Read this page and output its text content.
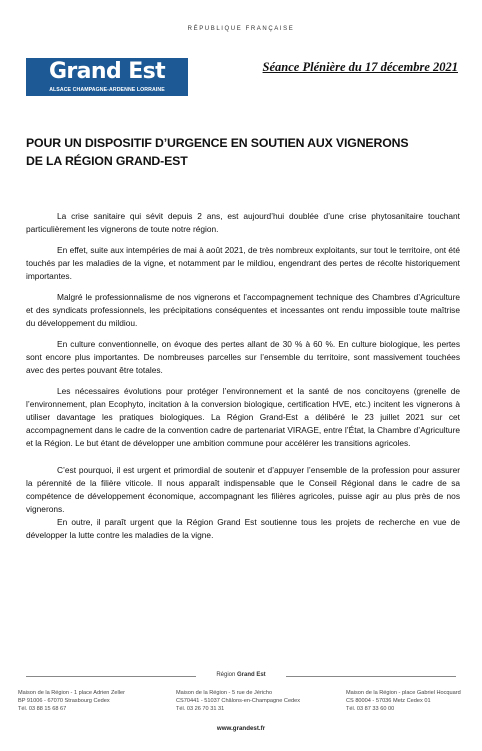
RÉPUBLIQUE FRANÇAISE
Grand Est
ALSACE CHAMPAGNE-ARDENNE LORRAINE
Séance Plénière du 17 décembre 2021
POUR UN DISPOSITIF D’URGENCE EN SOUTIEN AUX VIGNERONS
DE LA RÉGION GRAND-EST

La crise sanitaire qui sévit depuis 2 ans, est aujourd’hui doublée d’une crise phytosanitaire touchant particulièrement les vignerons de toute notre région.

En effet, suite aux intempéries de mai à août 2021, de très nombreux exploitants, sur tout le territoire, ont été touchés par les maladies de la vigne, et notamment par le mildiou, engendrant des pertes de récolte historiquement importantes.

Malgré le professionnalisme de nos vignerons et l’accompagnement technique des Chambres d’Agriculture et des syndicats professionnels, les précipitations conséquentes et incessantes ont rendu impossible toute maîtrise du développement du mildiou.

En culture conventionnelle, on évoque des pertes allant de 30 % à 60 %. En culture biologique, les pertes sont encore plus importantes. De nombreuses parcelles sur l’ensemble du territoire, sont massivement touchées avec des pertes pouvant être totales.

Les nécessaires évolutions pour protéger l’environnement et la santé de nos concitoyens (grenelle de l’environnement, plan Ecophyto, incitation à la conversion biologique, certification HVE, etc.) incitent les vignerons à utiliser davantage les pratiques biologiques. La Région Grand-Est a délibéré le 23 juillet 2021 sur cet accompagnement dans le cadre de la convention cadre de partenariat VIRAGE, entre l’État, la Chambre d’Agriculture et la Région. Le but étant de développer une ambition commune pour accélérer les transitions agricoles.

C’est pourquoi, il est urgent et primordial de soutenir et d’appuyer l’ensemble de la profession pour assurer la pérennité de la filière viticole. Il nous apparaît indispensable que le Conseil Régional dans le cadre de sa compétence de développement économique, accompagnant les filières agricoles, puisse agir au plus près de nos vignerons.

En outre, il paraît urgent que la Région Grand Est soutienne tous les projets de recherche en vue de développer la lutte contre les maladies de la vigne.

Région Grand Est
Maison de la Région - 1 place Adrien Zeller
BP 91006 - 67070 Strasbourg Cedex
Tél. 03 88 15 68 67
Maison de la Région - 5 rue de Jéricho
CS70441 - 51037 Châlons-en-Champagne Cedex
Tél. 03 26 70 31 31
Maison de la Région - place Gabriel Hocquard
CS 80004 - 57036 Metz Cedex 01
Tél. 03 87 33 60 00
www.grandest.fr
